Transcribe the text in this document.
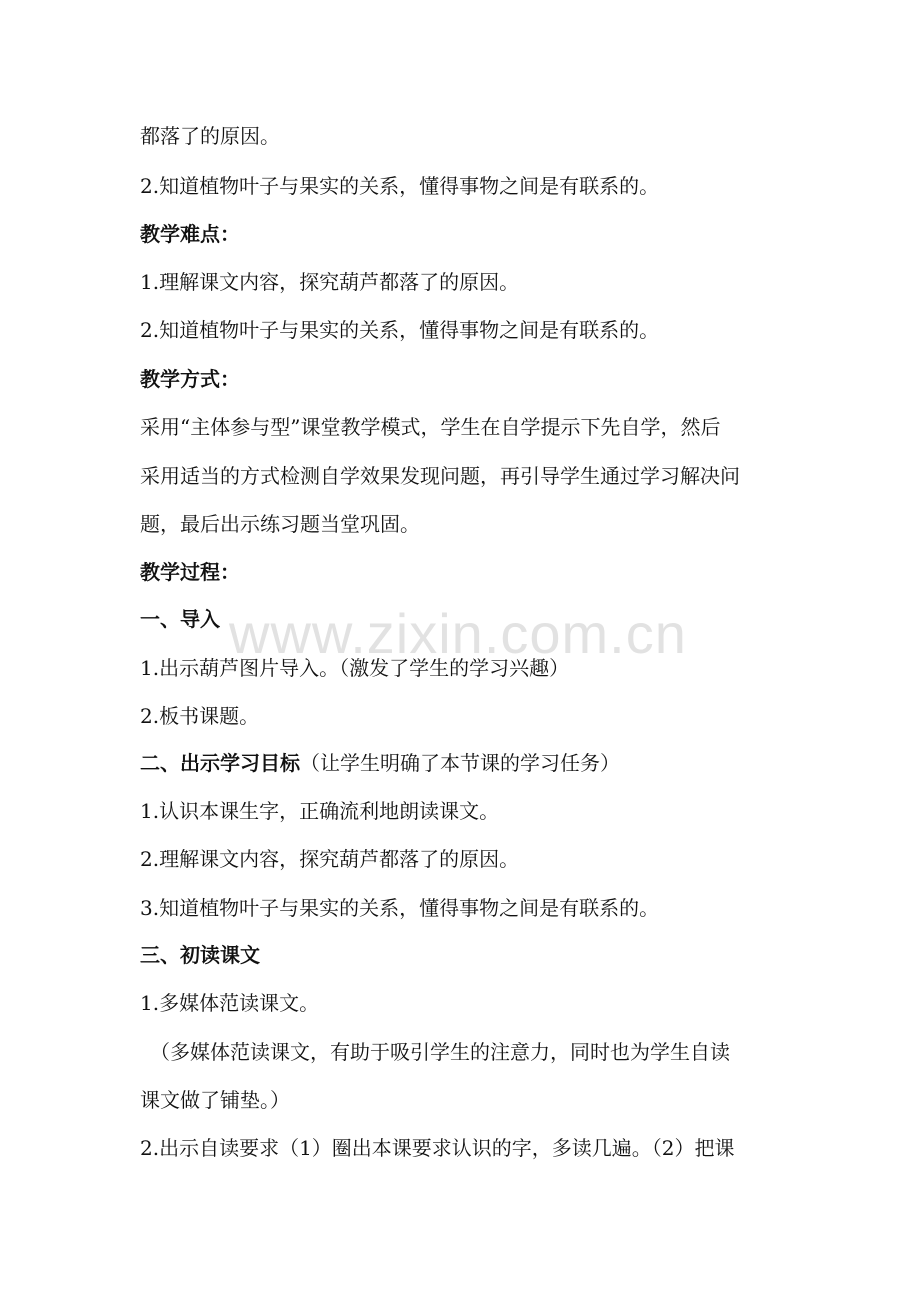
都落了的原因。
2.知道植物叶子与果实的关系，懂得事物之间是有联系的。
教学难点：
1.理解课文内容，探究葫芦都落了的原因。
2.知道植物叶子与果实的关系，懂得事物之间是有联系的。
教学方式：
采用“主体参与型”课堂教学模式，学生在自学提示下先自学，然后
采用适当的方式检测自学效果发现问题，再引导学生通过学习解决问
题，最后出示练习题当堂巩固。
教学过程：
一、导入
1.出示葫芦图片导入。（激发了学生的学习兴趣）
2.板书课题。
二、出示学习目标（让学生明确了本节课的学习任务）
1.认识本课生字，正确流利地朗读课文。
2.理解课文内容，探究葫芦都落了的原因。
3.知道植物叶子与果实的关系，懂得事物之间是有联系的。
三、初读课文
1.多媒体范读课文。
（多媒体范读课文，有助于吸引学生的注意力，同时也为学生自读
课文做了铺垫。）
2.出示自读要求（1）圈出本课要求认识的字，多读几遍。（2）把课
www.zixin.com.cn
